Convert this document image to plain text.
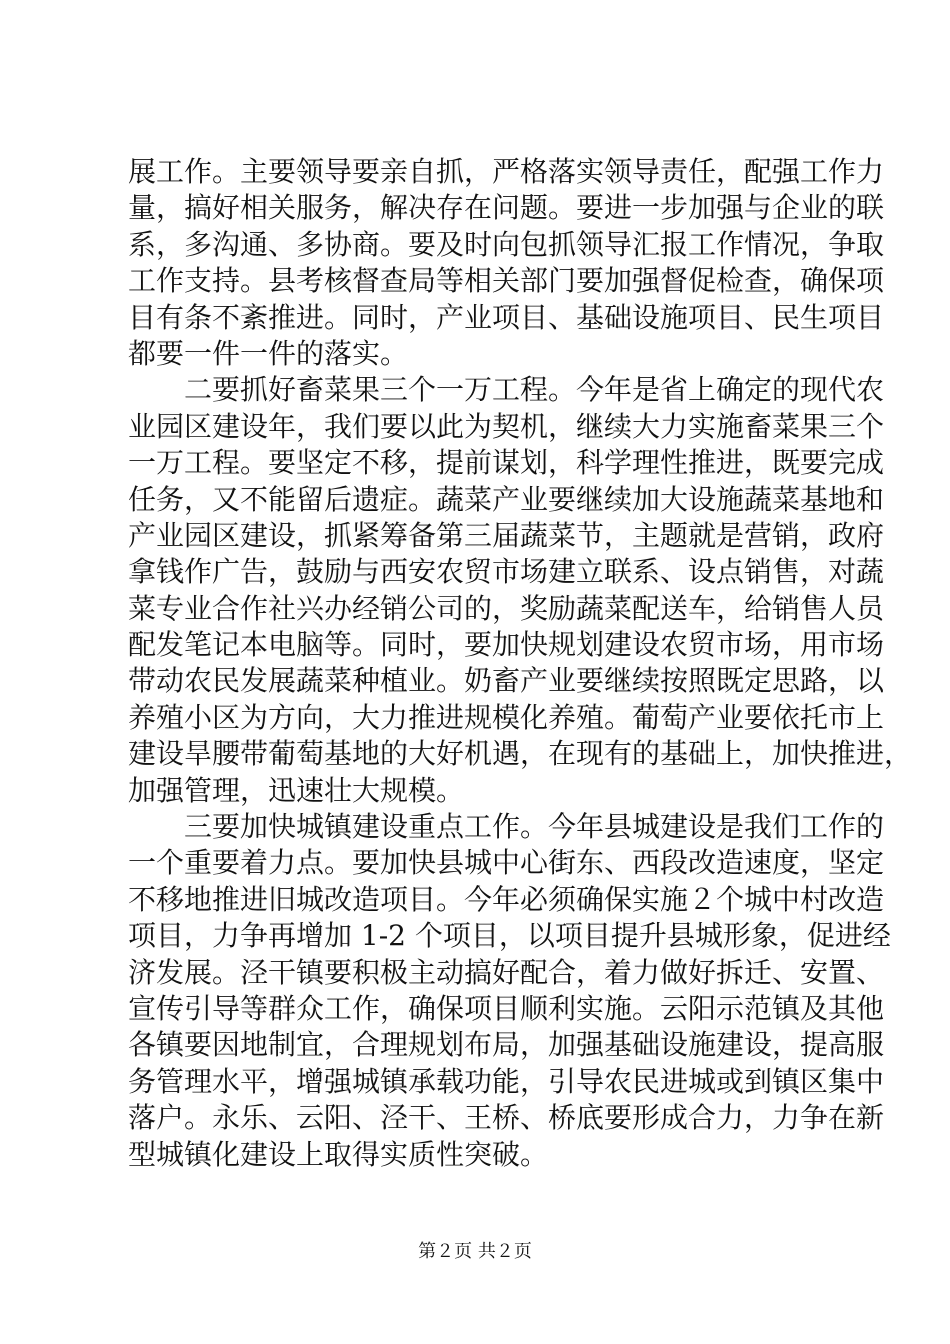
展工作。主要领导要亲自抓，严格落实领导责任，配强工作力
量，搞好相关服务，解决存在问题。要进一步加强与企业的联
系，多沟通、多协商。要及时向包抓领导汇报工作情况，争取
工作支持。县考核督查局等相关部门要加强督促检查，确保项
目有条不紊推进。同时，产业项目、基础设施项目、民生项目
都要一件一件的落实。
二要抓好畜菜果三个一万工程。今年是省上确定的现代农
业园区建设年，我们要以此为契机，继续大力实施畜菜果三个
一万工程。要坚定不移，提前谋划，科学理性推进，既要完成
任务，又不能留后遗症。蔬菜产业要继续加大设施蔬菜基地和
产业园区建设，抓紧筹备第三届蔬菜节，主题就是营销，政府
拿钱作广告，鼓励与西安农贸市场建立联系、设点销售，对蔬
菜专业合作社兴办经销公司的，奖励蔬菜配送车，给销售人员
配发笔记本电脑等。同时，要加快规划建设农贸市场，用市场
带动农民发展蔬菜种植业。奶畜产业要继续按照既定思路，以
养殖小区为方向，大力推进规模化养殖。葡萄产业要依托市上
建设旱腰带葡萄基地的大好机遇，在现有的基础上，加快推进，
加强管理，迅速壮大规模。
三要加快城镇建设重点工作。今年县城建设是我们工作的
一个重要着力点。要加快县城中心街东、西段改造速度，坚定
不移地推进旧城改造项目。今年必须确保实施２个城中村改造
项目，力争再增加 1-2 个项目，以项目提升县城形象，促进经
济发展。泾干镇要积极主动搞好配合，着力做好拆迁、安置、
宣传引导等群众工作，确保项目顺利实施。云阳示范镇及其他
各镇要因地制宜，合理规划布局，加强基础设施建设，提高服
务管理水平，增强城镇承载功能，引导农民进城或到镇区集中
落户。永乐、云阳、泾干、王桥、桥底要形成合力，力争在新
型城镇化建设上取得实质性突破。
第２页 共２页
